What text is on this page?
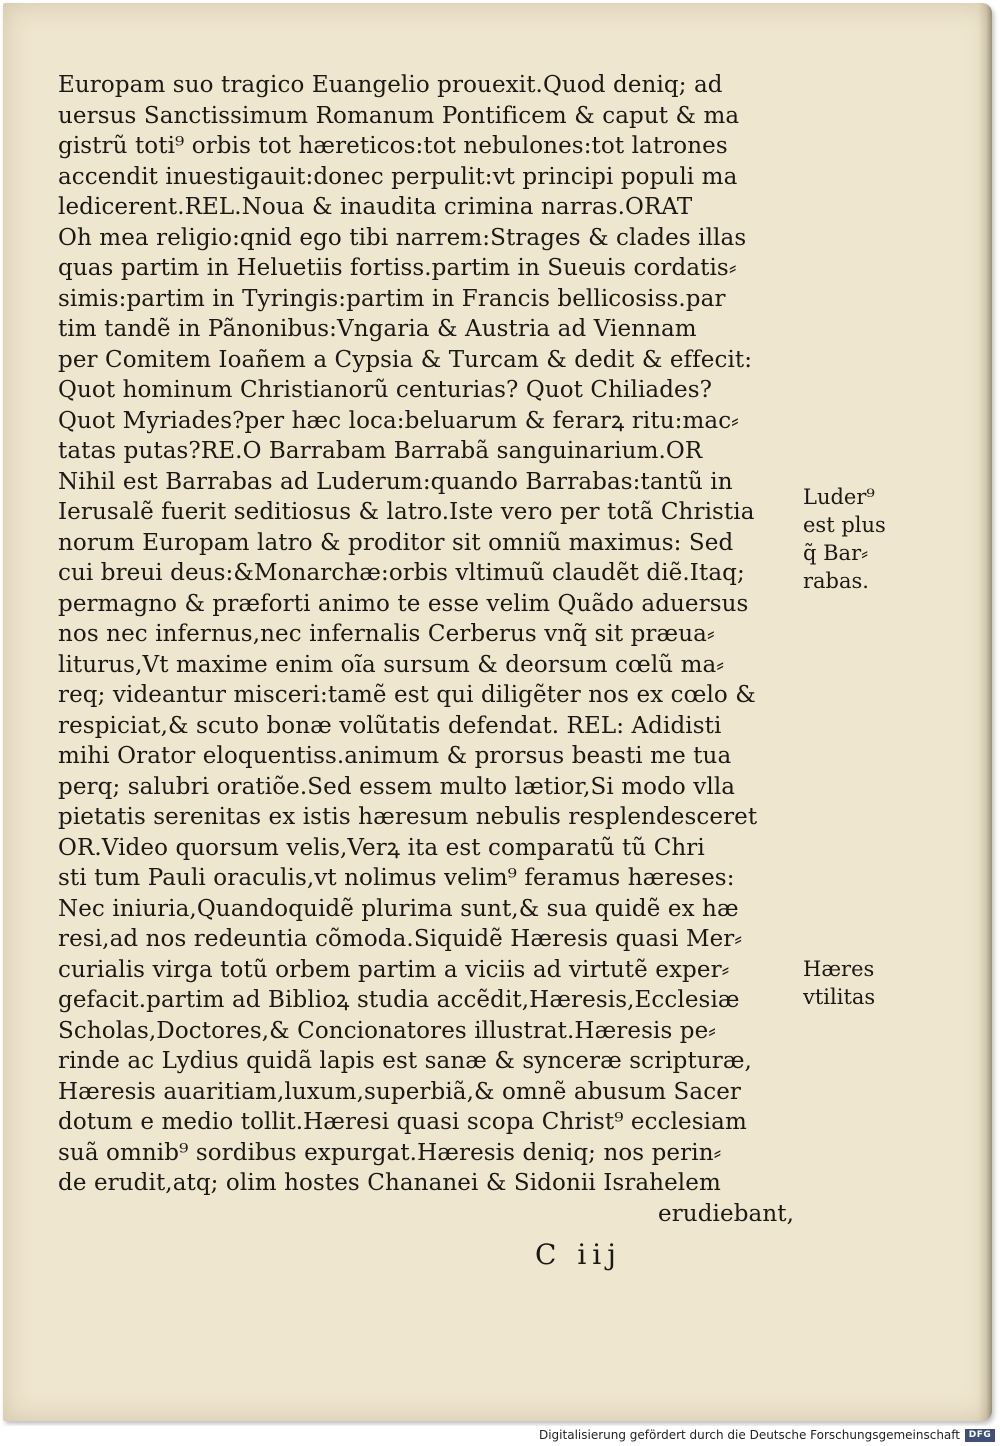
Europam suo tragico Euangelio prouexit.Quod deniq; ad
uersus Sanctissimum Romanum Pontificem & caput & ma
gistrũ toti⁹ orbis tot hæreticos:tot nebulones:tot latrones
accendit inuestigauit:donec perpulit:vt principi populi ma
ledicerent.REL.Noua & inaudita crimina narras.ORAT
Oh mea religio:qnid ego tibi narrem:Strages & clades illas
quas partim in Heluetiis fortiss.partim in Sueuis cordatis⸗
simis:partim in Tyringis:partim in Francis bellicosiss.par
tim tandẽ in Pãnonibus:Vngaria & Austria ad Viennam
per Comitem Ioañem a Cypsia & Turcam & dedit & effecit:
Quot hominum Christianorũ centurias? Quot Chiliades?
Quot Myriades?per hæc loca:beluarum & ferarꝝ ritu:mac⸗
tatas putas?RE.O Barrabam Barrabã sanguinarium.OR
Nihil est Barrabas ad Luderum:quando Barrabas:tantũ in
Ierusalẽ fuerit seditiosus & latro.Iste vero per totã Christia
norum Europam latro & proditor sit omniũ maximus: Sed
cui breui deus:&Monarchæ:orbis vltimuũ claudẽt diẽ.Itaq;
permagno & præforti animo te esse velim Quãdo aduersus
nos nec infernus,nec infernalis Cerberus vnq̃ sit præua⸗
liturus,Vt maxime enim oĩa sursum & deorsum cœlũ ma⸗
req; videantur misceri:tamẽ est qui diligẽter nos ex cœlo &
respiciat,& scuto bonæ volũtatis defendat. REL: Adidisti
mihi Orator eloquentiss.animum & prorsus beasti me tua
perq; salubri oratiõe.Sed essem multo lætior,Si modo vlla
pietatis serenitas ex istis hæresum nebulis resplendesceret
OR.Video quorsum velis,Verꝝ ita est comparatũ tũ Chri
sti tum Pauli oraculis,vt nolimus velim⁹ feramus hæreses:
Nec iniuria,Quandoquidẽ plurima sunt,& sua quidẽ ex hæ
resi,ad nos redeuntia cõmoda.Siquidẽ Hæresis quasi Mer⸗
curialis virga totũ orbem partim a viciis ad virtutẽ exper⸗
gefacit.partim ad Biblioꝝ studia accẽdit,Hæresis,Ecclesiæ
Scholas,Doctores,& Concionatores illustrat.Hæresis pe⸗
rinde ac Lydius quidã lapis est sanæ & synceræ scripturæ,
Hæresis auaritiam,luxum,superbiã,& omnẽ abusum Sacer
dotum e medio tollit.Hæresi quasi scopa Christ⁹ ecclesiam
suã omnib⁹ sordibus expurgat.Hæresis deniq; nos perin⸗
de erudit,atq; olim hostes Chananei & Sidonii Israhelem
erudiebant,
C iij
Luder⁹
est plus
q̃ Bar⸗
rabas.
Hæres
vtilitas
Digitalisierung gefördert durch die Deutsche Forschungsgemeinschaft DFG
